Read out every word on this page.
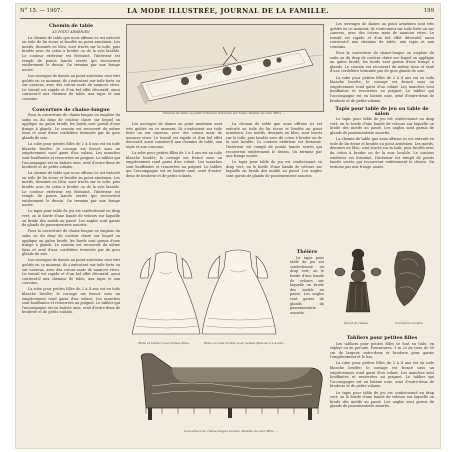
N° 15. — 1907.	LA MODE ILLUSTRÉE, JOURNAL DE LA FAMILLE.	199
Chemin de table
AU POINT ARMÉNIEN

La chemin de table que nous offrons ici est exécuté en toile de lin écrue et brodée au point arménien. Les motifs, dessinés en bleu, sont tracés sur la toile, puis brodés avec du coton à broder ou de la soie lavable. Le contour extérieur est festonné, l'intérieur est rempli de points lancés serrés qui recouvrent entièrement le dessin. On termine par une frange nouée.

Les ouvrages de dames au point arménien sont très goûtés en ce moment; ils s'exécutent sur toile forte ou sur canevas, avec des cotons mats de nuances vives. Le travail est rapide et d'un bel effet décoratif, aussi convient-il aux chemins de table, aux tapis et aux coussins.

Couverture de chaise-longue

Pour la couverture de chaise-longue on emploie du satin ou du drap de couleur claire sur lequel on applique un galon brodé; les bords sont garnis d'une frange à glands. Le coussin est recouvert du même tissu et orné d'une cordelière terminée par de gros glands de soie.

La robe pour petites filles de 2 à 4 ans est en toile blanche brodée; le corsage est froncé sous un empiècement rond garni d'un volant. Les manches sont bouffantes et resserrées au poignet. Le tablier qui l'accompagne est en batiste unie, orné d'entre-deux de broderie et de petits volants.

La chemin de table que nous offrons ici est exécuté en toile de lin écrue et brodée au point arménien. Les motifs, dessinés en bleu, sont tracés sur la toile, puis brodés avec du coton à broder ou de la soie lavable. Le contour extérieur est festonné, l'intérieur est rempli de points lancés serrés qui recouvrent entièrement le dessin. On termine par une frange nouée.

Le tapis pour table de jeu est confectionné en drap vert; on le borde d'une bande de velours sur laquelle on brode des motifs au passé. Les angles sont garnis de glands de passementerie assortis.

Pour la couverture de chaise-longue on emploie du satin ou du drap de couleur claire sur lequel on applique un galon brodé; les bords sont garnis d'une frange à glands. Le coussin est recouvert du même tissu et orné d'une cordelière terminée par de gros glands de soie.

Les ouvrages de dames au point arménien sont très goûtés en ce moment; ils s'exécutent sur toile forte ou sur canevas, avec des cotons mats de nuances vives. Le travail est rapide et d'un bel effet décoratif, aussi convient-il aux chemins de table, aux tapis et aux coussins.

La robe pour petites filles de 2 à 4 ans est en toile blanche brodée; le corsage est froncé sous un empiècement rond garni d'un volant. Les manches sont bouffantes et resserrées au poignet. Le tablier qui l'accompagne est en batiste unie, orné d'entre-deux de broderie et de petits volants.

Chemin de table au point arménien (broderie sur toile). Modèle de chez Mme ...

Les ouvrages de dames au point arménien sont très goûtés en ce moment; ils s'exécutent sur toile forte ou sur canevas, avec des cotons mats de nuances vives. Le travail est rapide et d'un bel effet décoratif, aussi convient-il aux chemins de table, aux tapis et aux coussins.

La robe pour petites filles de 2 à 4 ans est en toile blanche brodée; le corsage est froncé sous un empiècement rond garni d'un volant. Les manches sont bouffantes et resserrées au poignet. Le tablier qui l'accompagne est en batiste unie, orné d'entre-deux de broderie et de petits volants.

La chemin de table que nous offrons ici est exécuté en toile de lin écrue et brodée au point arménien. Les motifs, dessinés en bleu, sont tracés sur la toile, puis brodés avec du coton à broder ou de la soie lavable. Le contour extérieur est festonné, l'intérieur est rempli de points lancés serrés qui recouvrent entièrement le dessin. On termine par une frange nouée.

Le tapis pour table de jeu est confectionné en drap vert; on le borde d'une bande de velours sur laquelle on brode des motifs au passé. Les angles sont garnis de glands de passementerie assortis.

Robe et tablier pour petites filles.	Robe en toile brodée pour petites filles de 2 à 4 ans.
Théière

Le tapis pour table de jeu est confectionné en drap vert; on le borde d'une bande de velours sur laquelle on brode des motifs au passé. Les angles sont garnis de glands de passementerie assortis.

Couverture de chaise-longue brodée. Modèle de chez Mme ...

Les ouvrages de dames au point arménien sont très goûtés en ce moment; ils s'exécutent sur toile forte ou sur canevas, avec des cotons mats de nuances vives. Le travail est rapide et d'un bel effet décoratif, aussi convient-il aux chemins de table, aux tapis et aux coussins.

Pour la couverture de chaise-longue on emploie du satin ou du drap de couleur claire sur lequel on applique un galon brodé; les bords sont garnis d'une frange à glands. Le coussin est recouvert du même tissu et orné d'une cordelière terminée par de gros glands de soie.

La robe pour petites filles de 2 à 4 ans est en toile blanche brodée; le corsage est froncé sous un empiècement rond garni d'un volant. Les manches sont bouffantes et resserrées au poignet. Le tablier qui l'accompagne est en batiste unie, orné d'entre-deux de broderie et de petits volants.

Tapis pour table de jeu ou table de salon

Le tapis pour table de jeu est confectionné en drap vert; on le borde d'une bande de velours sur laquelle on brode des motifs au passé. Les angles sont garnis de glands de passementerie assortis.

La chemin de table que nous offrons ici est exécuté en toile de lin écrue et brodée au point arménien. Les motifs, dessinés en bleu, sont tracés sur la toile, puis brodés avec du coton à broder ou de la soie lavable. Le contour extérieur est festonné, l'intérieur est rempli de points lancés serrés qui recouvrent entièrement le dessin. On termine par une frange nouée.

Gland de rideau	Cordelière brodée
Tabliers pour petites filles

Les tabliers pour petites filles se font en toile, en zéphyr ou en percale. Fournitures: 1 m 20 de tissu de 80 cm de largeur, entre-deux et broderie pour garnir l'empiècement et le bas.

La robe pour petites filles de 2 à 4 ans est en toile blanche brodée; le corsage est froncé sous un empiècement rond garni d'un volant. Les manches sont bouffantes et resserrées au poignet. Le tablier qui l'accompagne est en batiste unie, orné d'entre-deux de broderie et de petits volants.

Le tapis pour table de jeu est confectionné en drap vert; on le borde d'une bande de velours sur laquelle on brode des motifs au passé. Les angles sont garnis de glands de passementerie assortis.
